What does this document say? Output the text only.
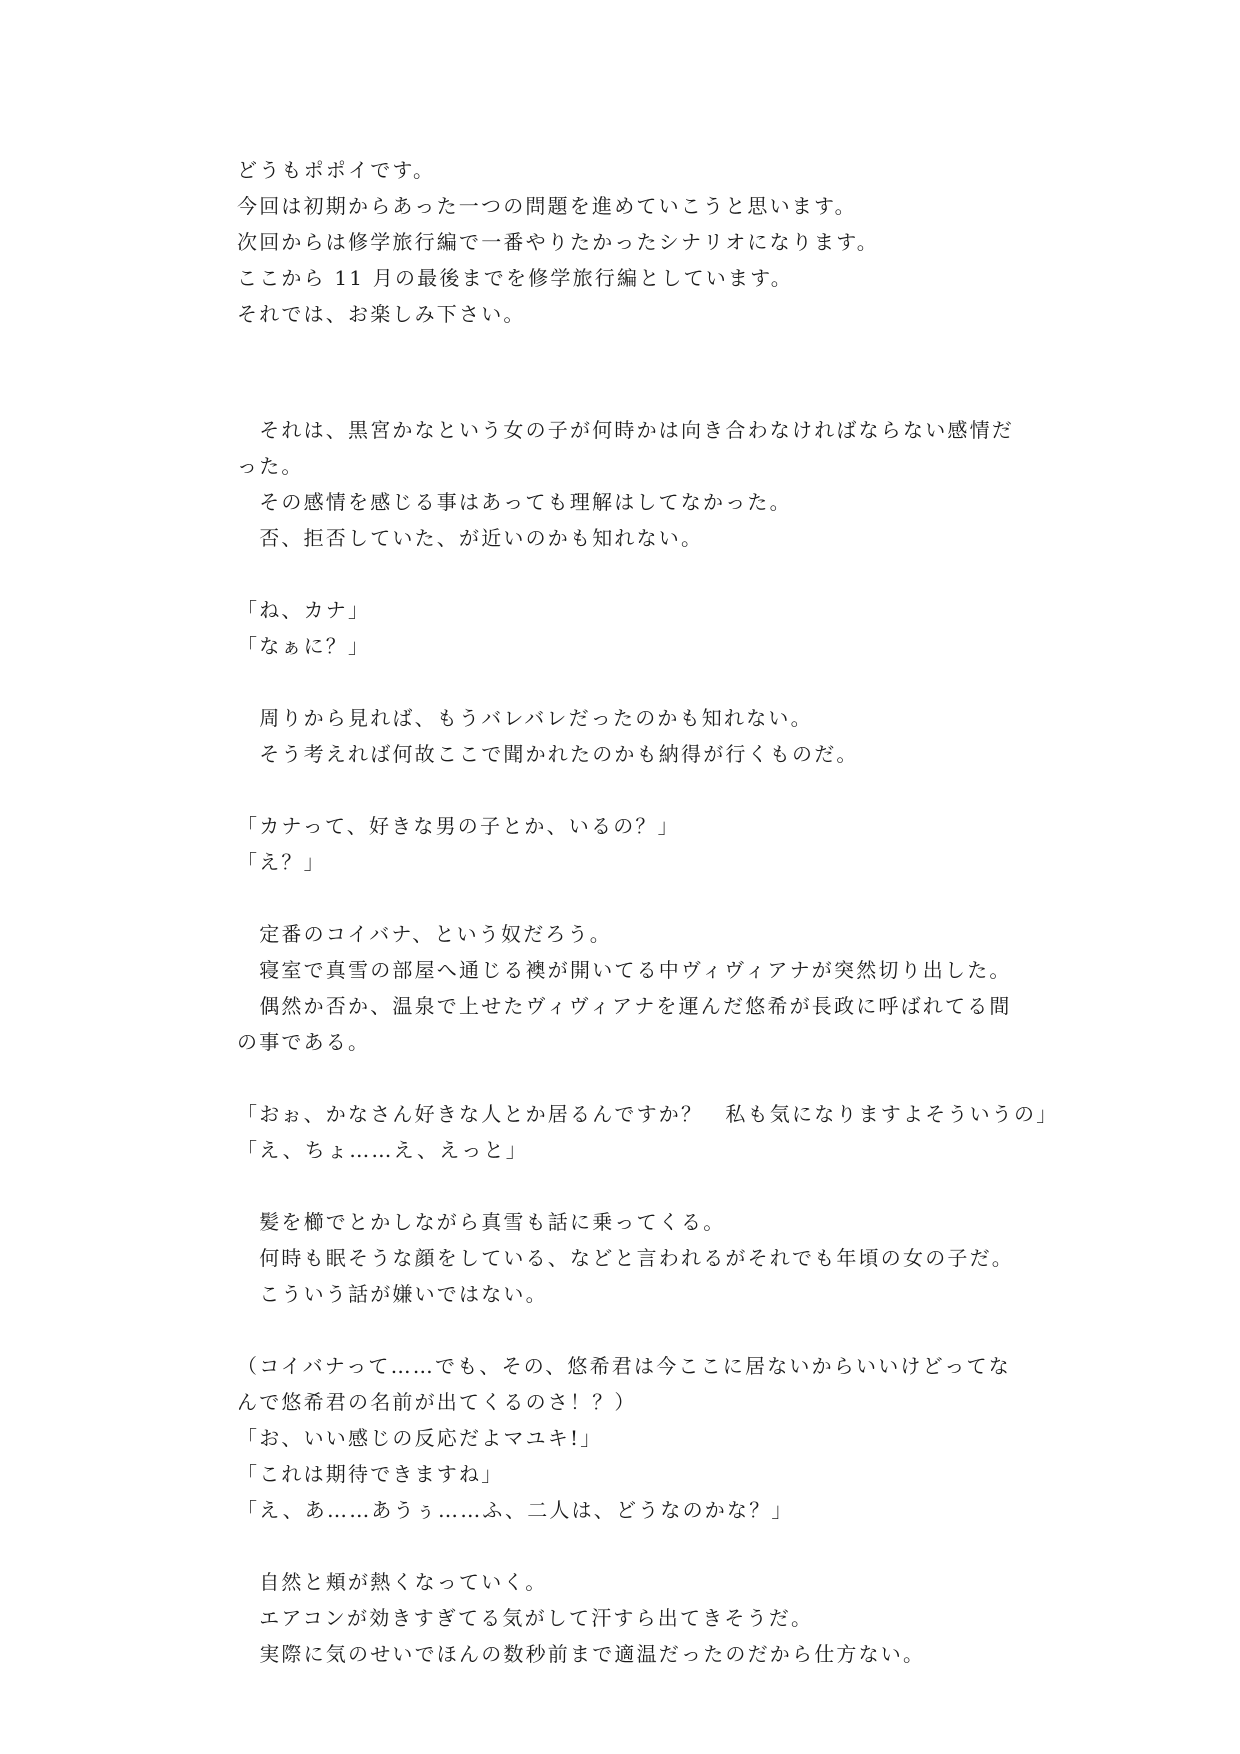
どうもポポイです。
今回は初期からあった一つの問題を進めていこうと思います。
次回からは修学旅行編で一番やりたかったシナリオになります。
ここから 11 月の最後までを修学旅行編としています。
それでは、お楽しみ下さい。
　それは、黒宮かなという女の子が何時かは向き合わなければならない感情だ
った。
　その感情を感じる事はあっても理解はしてなかった。
　否、拒否していた、が近いのかも知れない。
「ね、カナ」
「なぁに？」
　周りから見れば、もうバレバレだったのかも知れない。
　そう考えれば何故ここで聞かれたのかも納得が行くものだ。
「カナって、好きな男の子とか、いるの？」
「え？」
　定番のコイバナ、という奴だろう。
　寝室で真雪の部屋へ通じる襖が開いてる中ヴィヴィアナが突然切り出した。
　偶然か否か、温泉で上せたヴィヴィアナを運んだ悠希が長政に呼ばれてる間
の事である。
「おぉ、かなさん好きな人とか居るんですか？　私も気になりますよそういうの」
「え、ちょ……え、えっと」
　髪を櫛でとかしながら真雪も話に乗ってくる。
　何時も眠そうな顔をしている、などと言われるがそれでも年頃の女の子だ。
　こういう話が嫌いではない。
（コイバナって……でも、その、悠希君は今ここに居ないからいいけどってな
んで悠希君の名前が出てくるのさ！？）
「お、いい感じの反応だよマユキ!」
「これは期待できますね」
「え、あ……あうぅ……ふ、二人は、どうなのかな？」
　自然と頬が熱くなっていく。
　エアコンが効きすぎてる気がして汗すら出てきそうだ。
　実際に気のせいでほんの数秒前まで適温だったのだから仕方ない。
